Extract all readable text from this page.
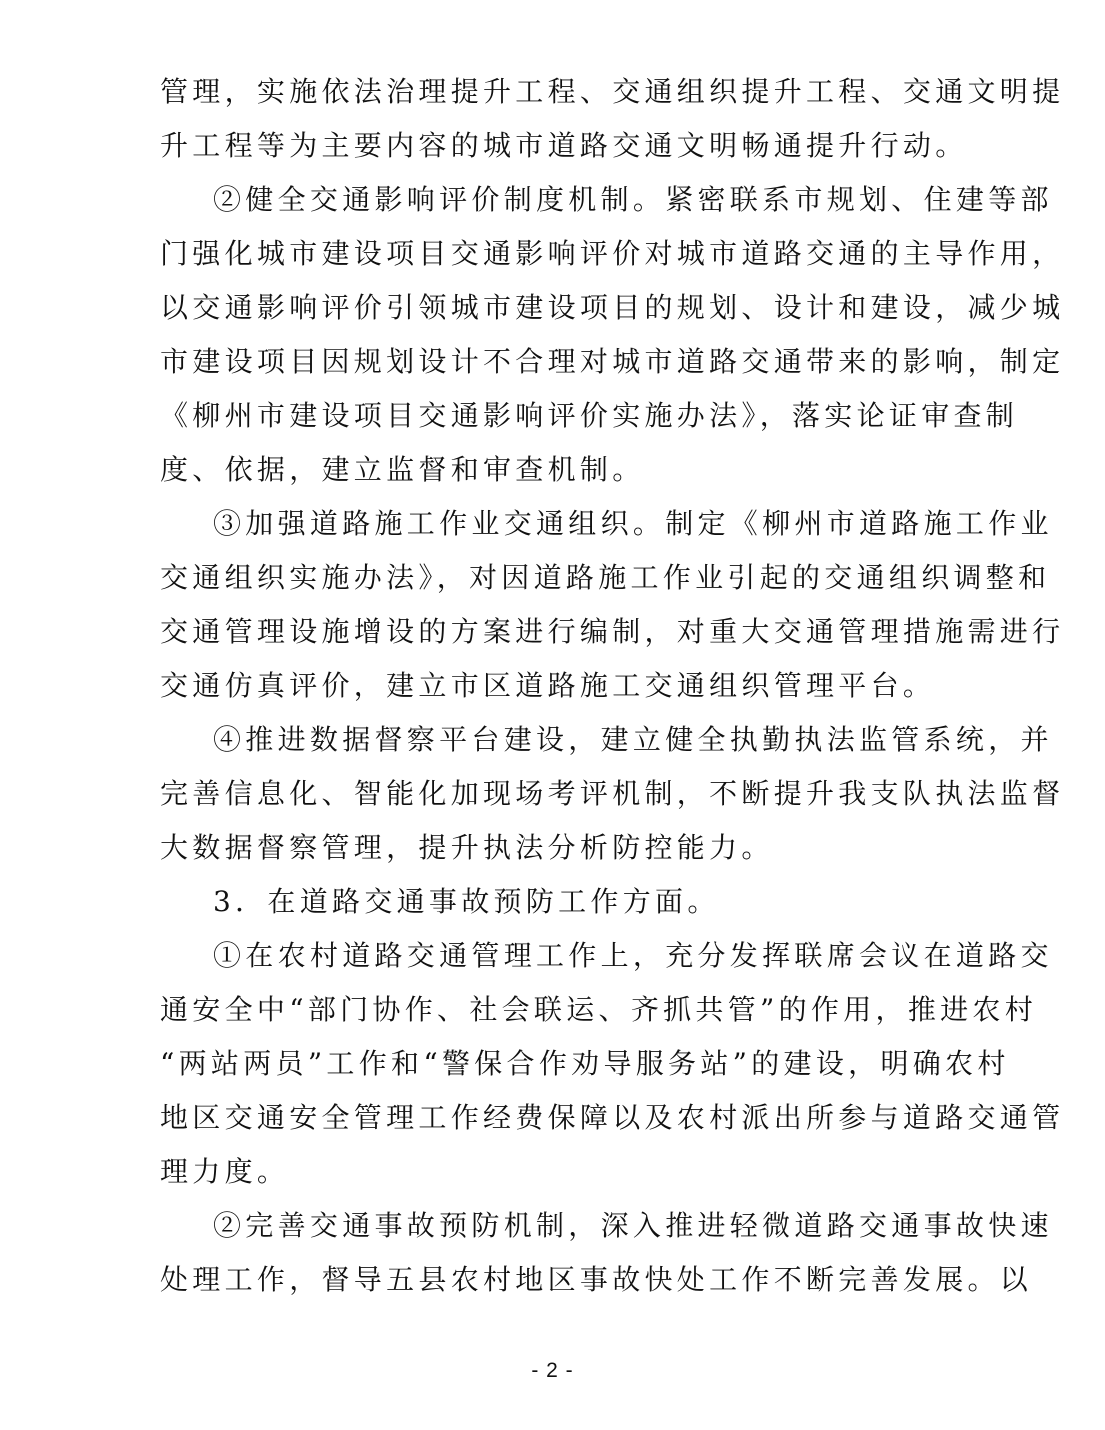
管理，实施依法治理提升工程、交通组织提升工程、交通文明提
升工程等为主要内容的城市道路交通文明畅通提升行动。
②健全交通影响评价制度机制。紧密联系市规划、住建等部
门强化城市建设项目交通影响评价对城市道路交通的主导作用，
以交通影响评价引领城市建设项目的规划、设计和建设，减少城
市建设项目因规划设计不合理对城市道路交通带来的影响，制定
《柳州市建设项目交通影响评价实施办法》，落实论证审查制
度、依据，建立监督和审查机制。
③加强道路施工作业交通组织。制定《柳州市道路施工作业
交通组织实施办法》，对因道路施工作业引起的交通组织调整和
交通管理设施增设的方案进行编制，对重大交通管理措施需进行
交通仿真评价，建立市区道路施工交通组织管理平台。
④推进数据督察平台建设，建立健全执勤执法监管系统，并
完善信息化、智能化加现场考评机制，不断提升我支队执法监督
大数据督察管理，提升执法分析防控能力。
3．在道路交通事故预防工作方面。
①在农村道路交通管理工作上，充分发挥联席会议在道路交
通安全中“部门协作、社会联运、齐抓共管”的作用，推进农村
“两站两员”工作和“警保合作劝导服务站”的建设，明确农村
地区交通安全管理工作经费保障以及农村派出所参与道路交通管
理力度。
②完善交通事故预防机制，深入推进轻微道路交通事故快速
处理工作，督导五县农村地区事故快处工作不断完善发展。以
- 2 -
